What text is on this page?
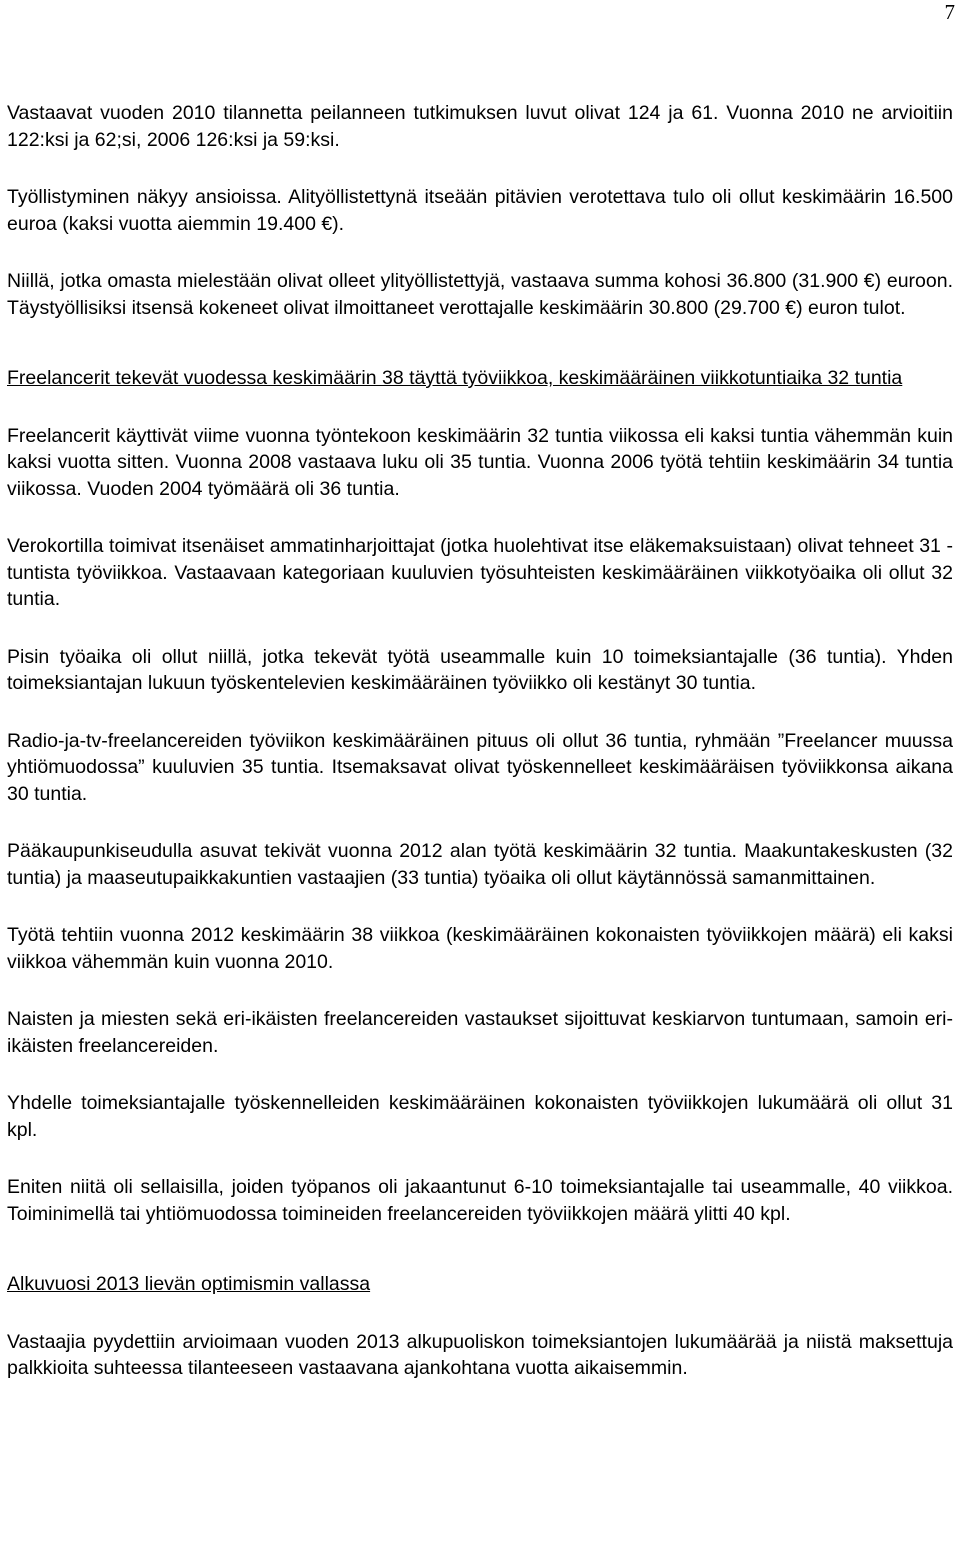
7

Vastaavat vuoden 2010 tilannetta peilanneen tutkimuksen luvut olivat 124 ja 61. Vuonna 2010 ne arvioitiin 122:ksi ja 62;si, 2006 126:ksi ja 59:ksi.

Työllistyminen näkyy ansioissa. Alityöllistettynä itseään pitävien verotettava tulo oli ollut keskimäärin 16.500 euroa (kaksi vuotta aiemmin 19.400 €).

Niillä, jotka omasta mielestään olivat olleet ylityöllistettyjä, vastaava summa kohosi 36.800 (31.900 €) euroon. Täystyöllisiksi itsensä kokeneet olivat ilmoittaneet verottajalle keskimäärin 30.800 (29.700 €) euron tulot.

Freelancerit tekevät vuodessa keskimäärin 38 täyttä työviikkoa, keskimääräinen viikkotuntiaika 32 tuntia

Freelancerit käyttivät viime vuonna työntekoon keskimäärin 32 tuntia viikossa eli kaksi tuntia vähemmän kuin kaksi vuotta sitten. Vuonna 2008 vastaava luku oli 35 tuntia. Vuonna 2006 työtä tehtiin keskimäärin 34 tuntia viikossa. Vuoden 2004 työmäärä oli 36 tuntia.

Verokortilla toimivat itsenäiset ammatinharjoittajat (jotka huolehtivat itse eläkemaksuistaan) olivat tehneet 31 -tuntista työviikkoa. Vastaavaan kategoriaan kuuluvien työsuhteisten keskimääräinen viikkotyöaika oli ollut 32 tuntia.

Pisin työaika oli ollut niillä, jotka tekevät työtä useammalle kuin 10 toimeksiantajalle (36 tuntia). Yhden toimeksiantajan lukuun työskentelevien keskimääräinen työviikko oli kestänyt 30 tuntia.

Radio-ja-tv-freelancereiden työviikon keskimääräinen pituus oli ollut 36 tuntia, ryhmään ”Freelancer muussa yhtiömuodossa” kuuluvien 35 tuntia. Itsemaksavat olivat työskennelleet keskimääräisen työviikkonsa aikana 30 tuntia.

Pääkaupunkiseudulla asuvat tekivät vuonna 2012 alan työtä keskimäärin 32 tuntia. Maakuntakeskusten (32 tuntia) ja maaseutupaikkakuntien vastaajien (33 tuntia) työaika oli ollut käytännössä samanmittainen.

Työtä tehtiin vuonna 2012 keskimäärin 38 viikkoa (keskimääräinen kokonaisten työviikkojen määrä) eli kaksi viikkoa vähemmän kuin vuonna 2010.

Naisten ja miesten sekä eri-ikäisten freelancereiden vastaukset sijoittuvat keskiarvon tuntumaan, samoin eri-ikäisten freelancereiden.

Yhdelle toimeksiantajalle työskennelleiden keskimääräinen kokonaisten työviikkojen lukumäärä oli ollut 31 kpl.

Eniten niitä oli sellaisilla, joiden työpanos oli jakaantunut 6-10 toimeksiantajalle tai useammalle, 40 viikkoa. Toiminimellä tai yhtiömuodossa toimineiden freelancereiden työviikkojen määrä ylitti 40 kpl.

Alkuvuosi 2013 lievän optimismin vallassa

Vastaajia pyydettiin arvioimaan vuoden 2013 alkupuoliskon toimeksiantojen lukumäärää ja niistä maksettuja palkkioita suhteessa tilanteeseen vastaavana ajankohtana vuotta aikaisemmin.
